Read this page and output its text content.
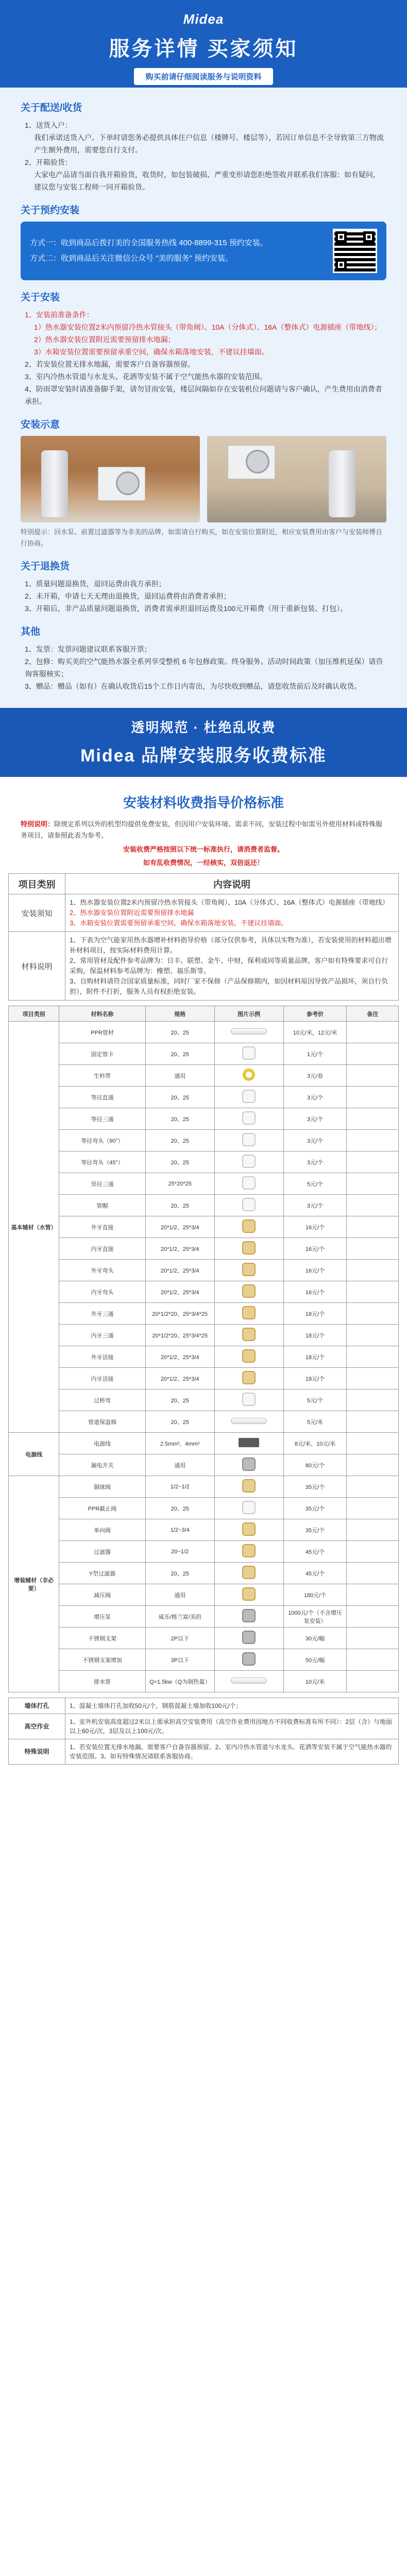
Midea
服务详情 买家须知
购买前请仔细阅读服务与说明资料
关于配送/收货
1、送货入户：
我们承诺送货入户。下单时请您务必提供具体住户信息（楼牌号、楼层等），若因订单信息不全导致第三方物流产生额外费用，需要您自行支付。
2、开箱验货：
大家电产品请当面自我开箱验货，收货时，如包装破损、严重变形请您拒绝签收并联系我们客服：如有疑问，建议您与安装工程师一同开箱验货。
关于预约安装
方式一：收到商品后拨打美的全国服务热线 400-8899-315 预约安装。
方式二：收到商品后关注微信公众号 "美的服务" 预约安装。
关于安装
1、安装前准备条件：
1）热水器安装位置2米内预留冷热水管接头（带角阀）、10A（分体式）、16A（整体式）电源插座（带地线）；
2）热水器安装位置附近需要预留排水地漏；
3）水箱安装位置需要预留承重空间，确保水箱落地安装，不建议挂墙面。
2、若安装位置无排水地漏，需要客户自备容器预留。
3、室内冷热水管道与水龙头、花洒等安装不属于空气能热水器的安装范围。
4、防雨罩安装时请准备脚手架，请勿冒雨安装，楼层间隔如存在安装机位问题请与客户确认，产生费用由消费者承担。
安装示意
特别提示：回水泵、前置过滤器等为非美的品牌，如需请自行购买，如在安装位置附近，相应安装费用由客户与安装师傅自行协商。
关于退换货
1、质量问题退换货，退回运费由我方承担；
2、未开箱，申请七天无理由退换货，退回运费将由消费者承担；
3、开箱后，非产品质量问题退换货，消费者需承担退回运费及100元开箱费（用于重新包装、打包）。
其他
1、发票：发票问题建议联系客服开票；
2、包修：购买美的空气能热水器全系列享受整机 6 年包修政策。终身服务。活动时间政策（加压维机延保）请咨询客服核实；
3、赠品：赠品（如有）在确认收货后15个工作日内寄出，为尽快收到赠品，请您收货前后及时确认收货。
透明规范 · 杜绝乱收费
Midea 品牌安装服务收费标准
安装材料收费指导价格标准
特别说明：除规定系列以外的机型均提供免费安装，但因用户安装环境、需求不同，安装过程中如需另外使用材料或特殊服务项目，请参照此表为参考。
安装收费严格按照以下统一标准执行，请消费者监督。
如有乱收费情况，一经核实，双倍返还！
项目类别	内容说明
安装须知	1、热水器安装位置2米内预留冷热水管接头（带角阀）、10A（分体式）、16A（整体式）电源插座（带地线）
2、热水器安装位置附近需要预留排水地漏
3、水箱安装位置需要预留承重空间，确保水箱落地安装，不建议挂墙面。

材料说明	1、下表为空气能家用热水器增补材料指导价格（部分仅供参考，具体以实物为准），若安装使用的材料超出增补材料项目，按实际材料费用计算。
2、常用管材及配件参考品牌为：日丰、联塑、金牛、中财，保利或同等质量品牌，客户如有特殊要求可自行采购，保温材料参考品牌为：橡塑、福乐斯等。
3、自购材料请符合国家质量标准，同时厂家不保修（产品保修期内，如因材料原因导致产品损坏，须自行负担），附件不打折，服务人员有权拒绝安装。
项目类别	材料名称	规格	图片示例	参考价	备注
基本辅材（水管）	PPR管材	20、25		10元/米，12元/米	
	固定管卡	20、25		1元/个	
	生料带	通用		3元/卷	
	等径直通	20、25		3元/个	
	等径三通	20、25		3元/个	
	等径弯头（90°）	20、25		3元/个	
	等径弯头（45°）	20、25		3元/个	
	异径三通	25*20*25		5元/个	
	管帽	20、25		3元/个	
	外牙直接	20*1/2、25*3/4		16元/个	
	内牙直接	20*1/2、25*3/4		16元/个	
	外牙弯头	20*1/2、25*3/4		16元/个	
	内牙弯头	20*1/2、25*3/4		16元/个	
	外牙三通	20*1/2*20、25*3/4*25		18元/个	
	内牙三通	20*1/2*20、25*3/4*25		18元/个	
	外牙活接	20*1/2、25*3/4		18元/个	
	内牙活接	20*1/2、25*3/4		18元/个	
	过桥弯	20、25		5元/个	
	管道保温棉	20、25		5元/米	
电源线	电源线	2.5mm²、4mm²		8元/米、10元/米	
	漏电开关	通用		80元/个	
增装辅材（非必要）	铜球阀	1/2~1/2		35元/个	
	PPR截止阀	20、25		35元/个	
	单向阀	1/2~3/4		35元/个	
	过滤器	20~1/2		45元/个	
	Y型过滤器	20、25		45元/个	
	减压阀	通用		180元/个	
	增压泵	威乐/格兰富/美的		1000元/个（不含增压泵安装）	
	不锈钢支架	2P以下		30元/幅	
	不锈钢支架增加	3P以下		50元/幅	
	排水管	Q=1.5kw（Q为制热量）		10元/米	
墙体打孔	1、混凝土墙体打孔加收50元/个，钢筋混凝土墙加收100元/个；
高空作业	1、室外机安装高度超过2米以上需承担高空安装费用（高空作业费用因地方不同收费标准有所不同）：2层（含）与地面以上60元/次，3层及以上100元/次。
特殊说明	1、若安装位置无排水地漏，需要客户自备容器预留。2、室内冷热水管道与水龙头、花洒等安装不属于空气能热水器的安装范围。3、如有特殊情况请联系客服协商。
